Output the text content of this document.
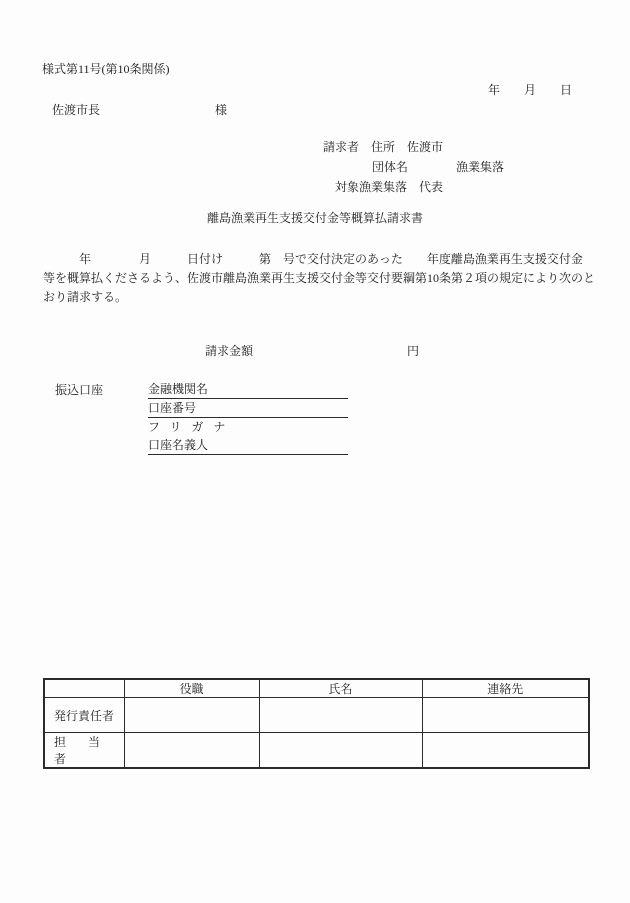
様式第11号(第10条関係)
年　　月　　日
佐渡市長	様
請求者　住所　佐渡市
団体名　　　　漁業集落
対象漁業集落　代表
離島漁業再生支援交付金等概算払請求書
　　　年　　　　月　　　日付け　　　第　号で交付決定のあった　　年度離島漁業再生支援交付金
等を概算払くださるよう、佐渡市離島漁業再生支援交付金等交付要綱第10条第２項の規定により次のと
おり請求する。
請求金額	円
振込口座	金融機関名
口座番号
フリガナ
口座名義人
	役職	氏名	連絡先
発行責任者			
担　当　者			
